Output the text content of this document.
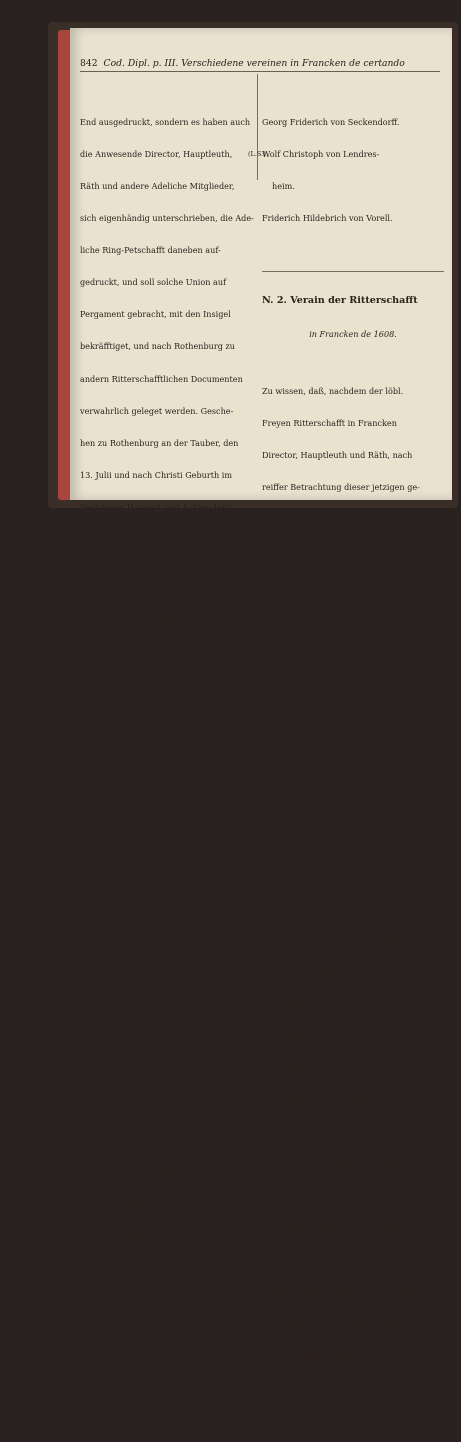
842 Cod. Dipl. p. III. Verschiedene vereinen in Francken de certando

End ausgedruckt, sondern es haben auch

die Anwesende Director, Hauptleuth,

Räth und andere Adeliche Mitglieder,

sich eigenhändig unterschrieben, die Ade-

liche Ring-Petschafft daneben auf-

gedruckt, und soll solche Union auf

Pergament gebracht, mit den Insigel

bekräfftiget, und nach Rothenburg zu

andern Ritterschafftlichen Documenten

verwahrlich geleget werden. Gesche-

hen zu Rothenburg an der Tauber, den

13. Julii und nach Christi Geburth im

Sechzehen Hundert und Achten Jahr.

(L. S.)

Hans Georg von Rothenhan.

Albert Christoph von Rosenberg.

Pancraz Stieber.

Bernhard von Bibra.

Veit Ulrich Marschall von Ost-

heim.

Georg Friderich von Eglofff.

Achaz von Guttenberg.

Hans Georg von Redwitz.

Hans von Eglofstein.

Christoph von Wiesenthau, der

jüngere.

(L.S.)
Reinhard von Städen.

Hans Georg von Künsperg.

Hans Veit von Schaumberg.

Lorenz von Münster.

Johann Philipp Fuchs.

Lorenz von Guttenberg.

Georg Dietrich Groß Pferßfel-

der genannt.

Hans Veit von Würzburg.

Hans Eitel Truchseß.

Hans Conrad von Wolmers-

hausen.

Georg Sebastian Stieber.

Georg Friderich von Seckendorff.

(L.S.)
Wolf Christoph von Lendres-

heim.

Friderich Hildebrich von Vorell.

N. 2. Verain der Ritterschafft

in Francken de 1608.

Zu wissen, daß, nachdem der löbl.

Freyen Ritterschafft in Francken

Director, Hauptleuth und Räth, nach

reiffer Betrachtung dieser jetzigen ge-

fährlichen und weit aussehenden Zeiten,

sich einer vertreulichen Zusammense-

tzung und Unions Notul zu Rothenburg

auf der Tauber sub dato verglichen; In

welcher beschlossen und versehen, daß man

wegen Dahstelung des Vorraths

einen besondern Abschied, wie es damit

gehalten werden soll, sowohl was die

Maß und Anzahl seyn soll, zu Papier

bringen und aufsetzen soll, welches dann

nachfolgender Gestalt ins Werck ge-

richt, und forthin also gehalten werden

soll, nemlichen: Die Sechs Orth der

löbl. Ritterschafft in Francken, jedes

Orth dem Herkommen und seiner Pro-

portion nach, Fünffzig Tausend Gul-

den sollen vermög der Union zusam-

men sammlen, und solch Geld, Montag

nach dem Ersten Sonntag des Ad-

vents, welcher seyn wird der 28. No-

vembris alten Calenders instehenden

Jahrs, auf das Adeliche Ganerben

Hauß Rothenburg in ein besondere Ge-

wölb, so darzu bereitet werden soll, ver-

wahret legen; Ingleichen soll forthin,

so lang diese Union dauert, Jährlichen

und jedes Jahr besonders, von den

Sechs
